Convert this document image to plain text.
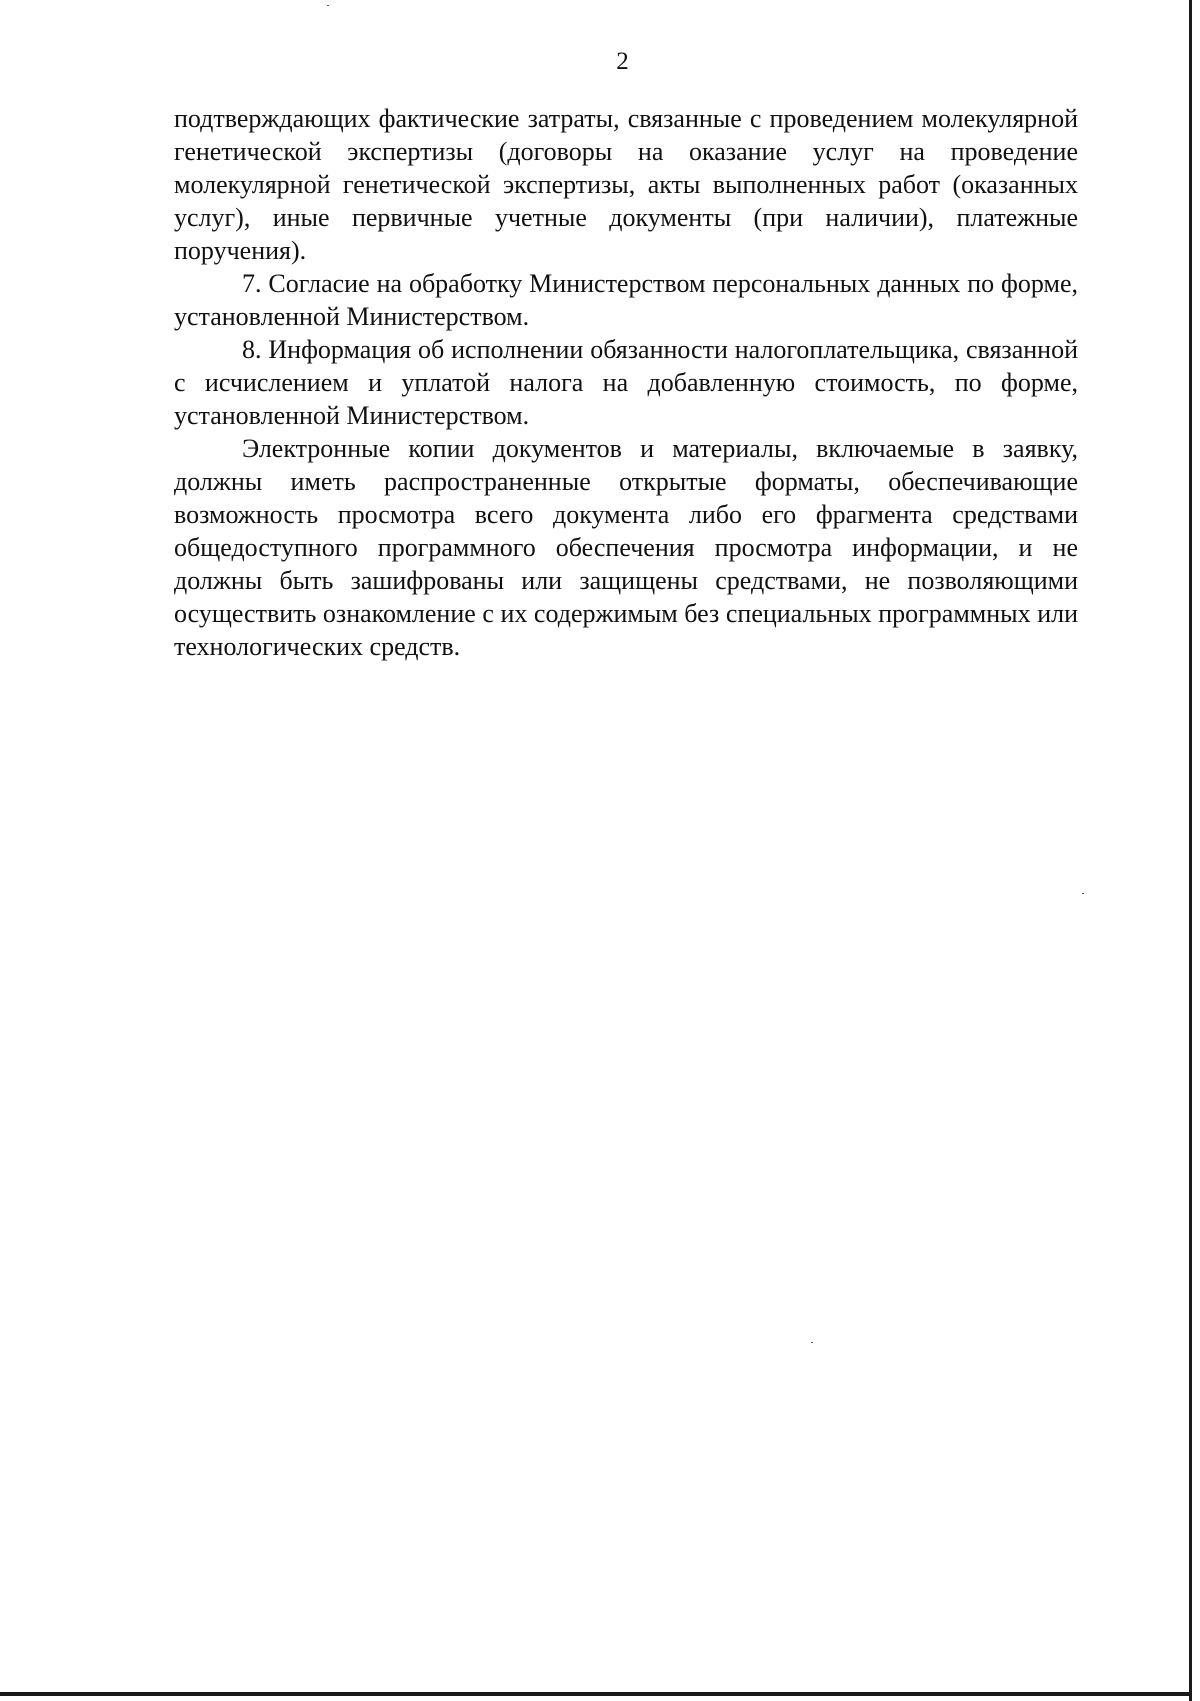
2

подтверждающих фактические затраты, связанные с проведением молекулярной генетической экспертизы (договоры на оказание услуг на проведение молекулярной генетической экспертизы, акты выполненных работ (оказанных услуг), иные первичные учетные документы (при наличии), платежные поручения).

7. Согласие на обработку Министерством персональных данных по форме, установленной Министерством.

8. Информация об исполнении обязанности налогоплательщика, связанной с исчислением и уплатой налога на добавленную стоимость, по форме, установленной Министерством.

Электронные копии документов и материалы, включаемые в заявку, должны иметь распространенные открытые форматы, обеспечивающие возможность просмотра всего документа либо его фрагмента средствами общедоступного программного обеспечения просмотра информации, и не должны быть зашифрованы или защищены средствами, не позволяющими осуществить ознакомление с их содержимым без специальных программных или технологических средств.
